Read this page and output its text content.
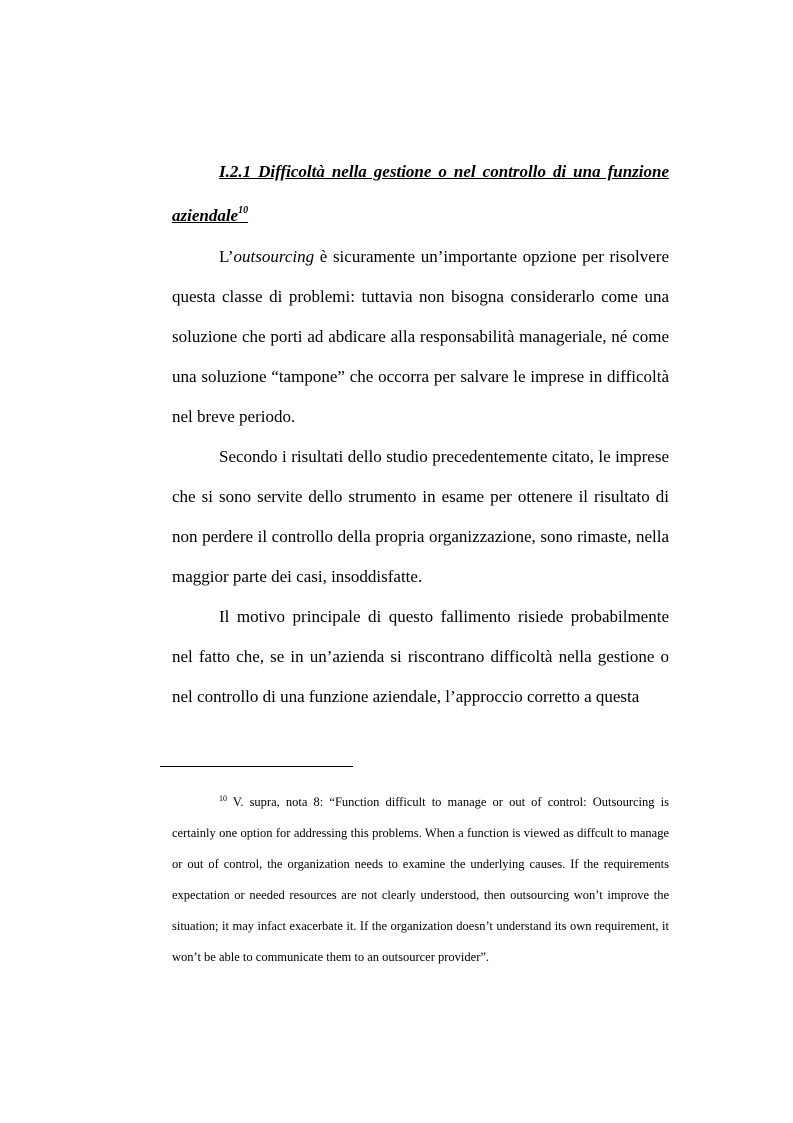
I.2.1 Difficoltà nella gestione o nel controllo di una funzione aziendale$^{10}$

L’outsourcing è sicuramente un’importante opzione per risolvere questa classe di problemi: tuttavia non bisogna considerarlo come una soluzione che porti ad abdicare alla responsabilità manageriale, né come una soluzione “tampone” che occorra per salvare le imprese in difficoltà nel breve periodo.

Secondo i risultati dello studio precedentemente citato, le imprese che si sono servite dello strumento in esame per ottenere il risultato di non perdere il controllo della propria organizzazione, sono rimaste, nella maggior parte dei casi, insoddisfatte.

Il motivo principale di questo fallimento risiede probabilmente nel fatto che, se in un’azienda si riscontrano difficoltà nella gestione o nel controllo di una funzione aziendale, l’approccio corretto a questa

$^{10}$ V. supra, nota 8: “Function difficult to manage or out of control: Outsourcing is certainly one option for addressing this problems. When a function is viewed as diffcult to manage or out of control, the organization needs to examine the underlying causes. If the requirements expectation or needed resources are not clearly understood, then outsourcing won’t improve the situation; it may infact exacerbate it. If the organization doesn’t understand its own requirement, it won’t be able to communicate them to an outsourcer provider”.
